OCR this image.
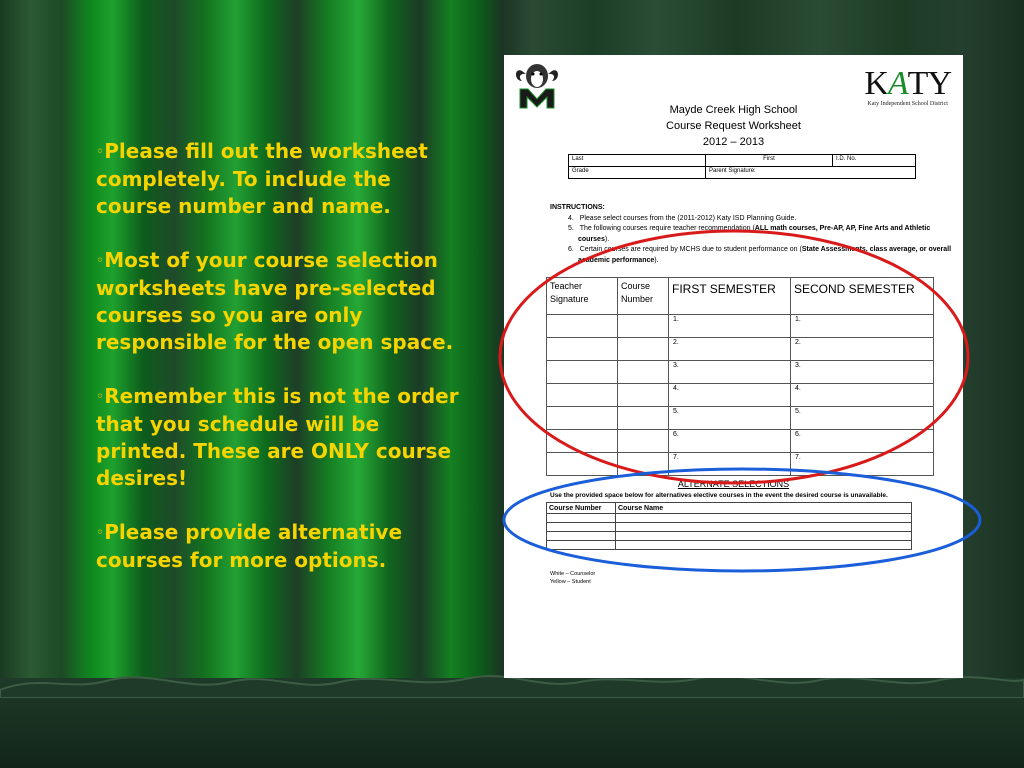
◦Please fill out the worksheet completely. To include the course number and name.
◦Most of your course selection worksheets have pre-selected courses so you are only responsible for the open space.
◦Remember this is not the order that you schedule will be printed. These are ONLY course desires!
◦Please provide alternative courses for more options.
KATY
Katy Independent School District
Mayde Creek High School
Course Request Worksheet
2012 – 2013
Last	First	I.D. No.
Grade	Parent Signature:	
INSTRUCTIONS:
4. Please select courses from the (2011-2012) Katy ISD Planning Guide.
5. The following courses require teacher recommendation (ALL math courses, Pre-AP, AP, Fine Arts and Athletic courses).
6. Certain courses are required by MCHS due to student performance on (State Assessments, class average, or overall academic performance).
Teacher Signature	Course Number	FIRST SEMESTER	SECOND SEMESTER
		1.	1.
		2.	2.
		3.	3.
		4.	4.
		5.	5.
		6.	6.
		7.	7.
ALTERNATE SELECTIONS
Use the provided space below for alternatives elective courses in the event the desired course is unavailable.
Course Number	Course Name

White – Counselor
Yellow – Student
